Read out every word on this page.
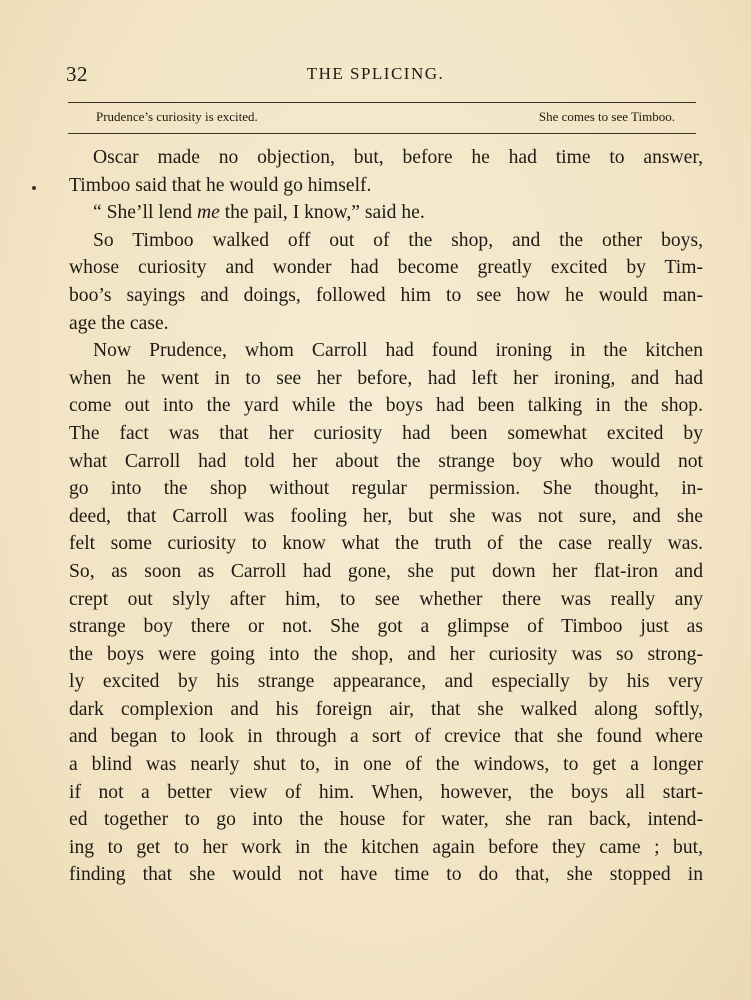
32	THE SPLICING.
Prudence’s curiosity is excited.	She comes to see Timboo.
Oscar made no objection, but, before he had time to answer,
Timboo said that he would go himself.
“ She’ll lend me the pail, I know,” said he.
So Timboo walked off out of the shop, and the other boys,
whose curiosity and wonder had become greatly excited by Tim-
boo’s sayings and doings, followed him to see how he would man-
age the case.
Now Prudence, whom Carroll had found ironing in the kitchen
when he went in to see her before, had left her ironing, and had
come out into the yard while the boys had been talking in the shop.
The fact was that her curiosity had been somewhat excited by
what Carroll had told her about the strange boy who would not
go into the shop without regular permission. She thought, in-
deed, that Carroll was fooling her, but she was not sure, and she
felt some curiosity to know what the truth of the case really was.
So, as soon as Carroll had gone, she put down her flat-iron and
crept out slyly after him, to see whether there was really any
strange boy there or not. She got a glimpse of Timboo just as
the boys were going into the shop, and her curiosity was so strong-
ly excited by his strange appearance, and especially by his very
dark complexion and his foreign air, that she walked along softly,
and began to look in through a sort of crevice that she found where
a blind was nearly shut to, in one of the windows, to get a longer
if not a better view of him. When, however, the boys all start-
ed together to go into the house for water, she ran back, intend-
ing to get to her work in the kitchen again before they came ; but,
finding that she would not have time to do that, she stopped in
